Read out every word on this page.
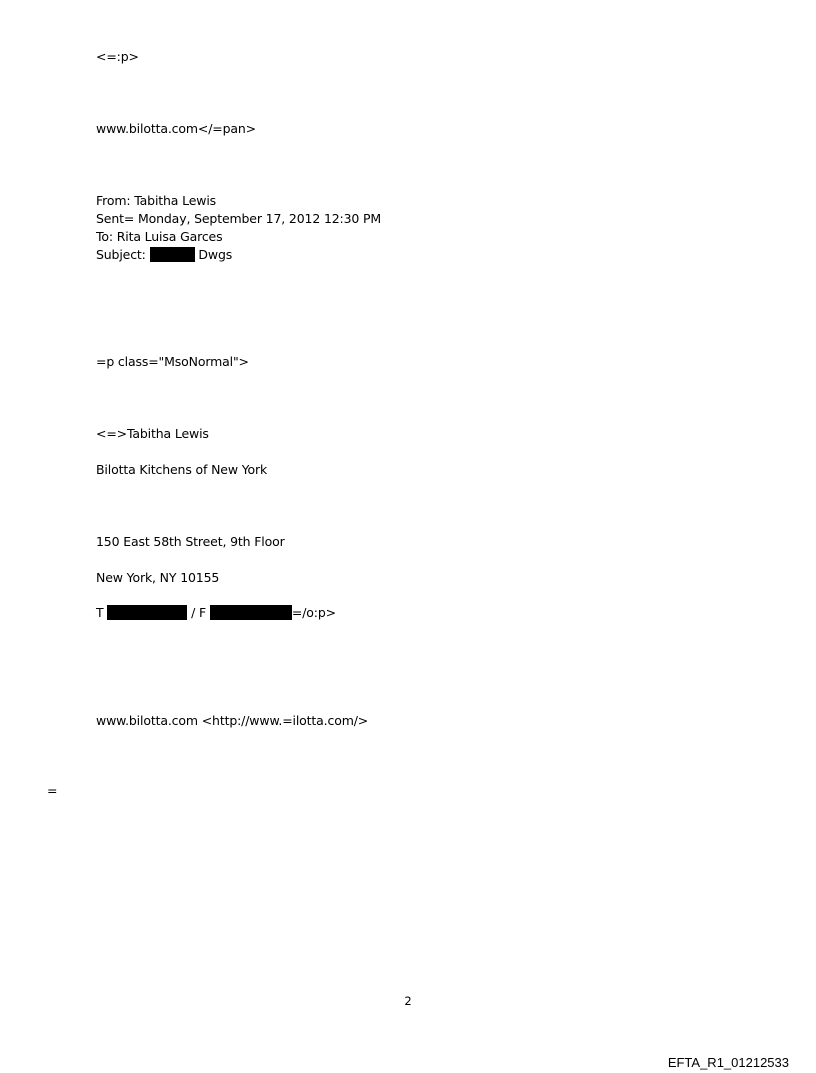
<=:p>
www.bilotta.com</=pan>
From: Tabitha Lewis
Sent= Monday, September 17, 2012 12:30 PM
To: Rita Luisa Garces
Subject:	Dwgs
=p class="MsoNormal">
<=>Tabitha Lewis
Bilotta Kitchens of New York
150 East 58th Street, 9th Floor
New York, NY 10155
T	/ F	=/o:p>
www.bilotta.com <http://www.=ilotta.com/>
=
2
EFTA_R1_01212533
